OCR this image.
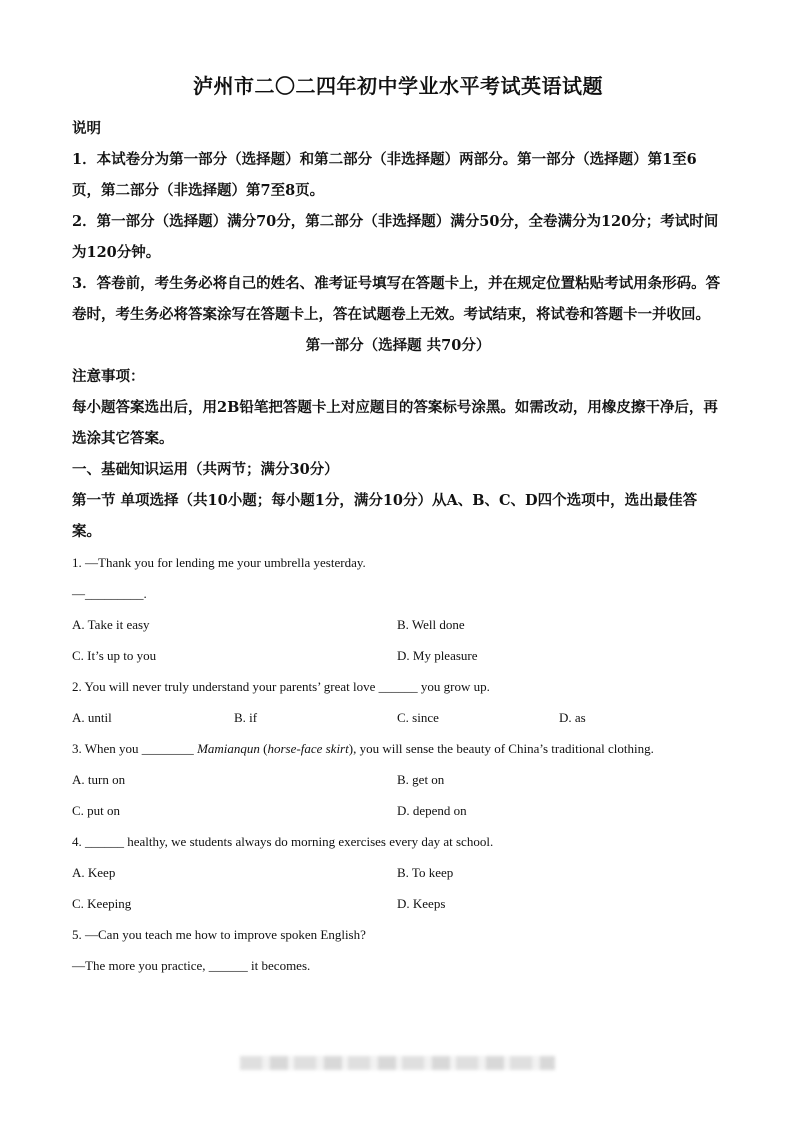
泸州市二〇二四年初中学业水平考试英语试题

说明

1．本试卷分为第一部分（选择题）和第二部分（非选择题）两部分。第一部分（选择题）第1至6页，第二部分（非选择题）第7至8页。

2．第一部分（选择题）满分70分，第二部分（非选择题）满分50分，全卷满分为120分；考试时间为120分钟。

3．答卷前，考生务必将自己的姓名、准考证号填写在答题卡上，并在规定位置粘贴考试用条形码。答卷时，考生务必将答案涂写在答题卡上，答在试题卷上无效。考试结束，将试卷和答题卡一并收回。

第一部分（选择题 共70分）

注意事项：

每小题答案选出后，用2B铅笔把答题卡上对应题目的答案标号涂黑。如需改动，用橡皮擦干净后，再选涂其它答案。

一、基础知识运用（共两节；满分30分）

第一节 单项选择（共10小题；每小题1分，满分10分）从A、B、C、D四个选项中，选出最佳答案。

1. —Thank you for lending me your umbrella yesterday.

—_________.

A. Take it easy	B. Well done
C. It’s up to you	D. My pleasure

2. You will never truly understand your parents’ great love ______ you grow up.

A. until	B. if	C. since	D. as

3. When you ________ Mamianqun (horse-face skirt), you will sense the beauty of China’s traditional clothing.

A. turn on	B. get on
C. put on	D. depend on

4. ______ healthy, we students always do morning exercises every day at school.

A. Keep	B. To keep
C. Keeping	D. Keeps

5. —Can you teach me how to improve spoken English?

—The more you practice, ______ it becomes.
